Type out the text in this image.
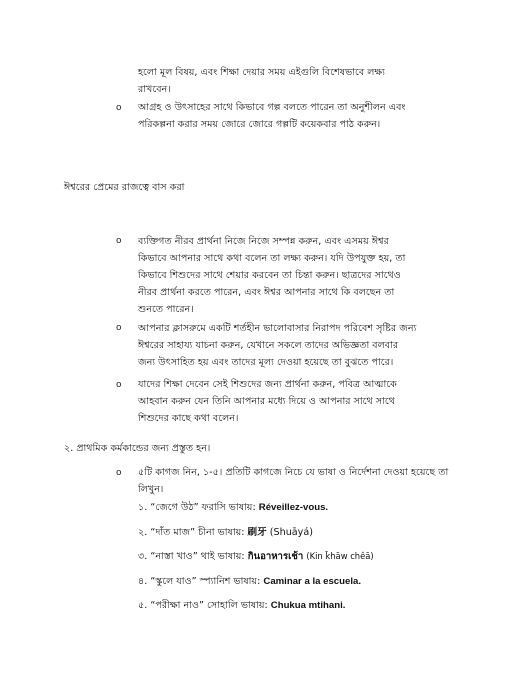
হলো মূল বিষয়, এবং শিক্ষা দেয়ার সময় এইগুলি বিশেষভাবে লক্ষ্য
রাখবেন।
o আগ্রহ ও উৎসাহের সাথে কিভাবে গল্প বলতে পারেন তা অনুশীলন এবং
পরিকল্পনা করার সময় জোরে জোরে গল্পটি কয়েকবার পাঠ করুন।
ঈশ্বরের প্রেমের রাজত্বে বাস করা
o ব্যক্তিগত নীরব প্রার্থনা নিজে নিজে সম্পন্ন করুন, এবং এসময় ঈশ্বর
কিভাবে আপনার সাথে কথা বলেন তা লক্ষ্য করুন। যদি উপযুক্ত হয়, তা
কিভাবে শিশুদের সাথে শেয়ার করবেন তা চিন্তা করুন। ছাত্রদের সাথেও
নীরব প্রার্থনা করতে পারেন, এবং ঈশ্বর আপনার সাথে কি বলছেন তা
শুনতে পারেন।
o আপনার ক্লাসরুমে একটি শর্তহীন ভালোবাসার নিরাপদ পরিবেশ সৃষ্টির জন্য
ঈশ্বরের সাহায্য যাচনা করুন, যেখানে সকলে তাদের অভিজ্ঞতা বলবার
জন্য উৎসাহিত হয় এবং তাদের মূল্য দেওয়া হয়েছে তা বুঝতে পারে।
o যাদের শিক্ষা দেবেন সেই শিশুদের জন্য প্রার্থনা করুন, পবিত্র আত্মাকে
আহবান করুন যেন তিনি আপনার মধ্যে দিয়ে ও আপনার সাথে সাথে
শিশুদের কাছে কথা বলেন।
২. প্রাথমিক কর্মকান্ডের জন্য প্রস্তুত হন।
o ৫টি কাগজ নিন, ১-৫। প্রতিটি কাগজে নিচে যে ভাষা ও নির্দেশনা দেওয়া হয়েছে তা
লিখুন।
১. “জেগে উঠ” ফরাসি ভাষায়: Réveillez-vous.
২. “দাঁত মাজ” চীনা ভাষায়: 刷牙 (Shuāyá)
৩. “নাস্তা খাও” থাই ভাষায়: กินอาหารเช้า (Kin k̄hāw chêā)
৪. “স্কুলে যাও” স্প্যানিশ ভাষায়: Caminar a la escuela.
৫. “পরীক্ষা নাও” সোহালি ভাষায়: Chukua mtihani.
